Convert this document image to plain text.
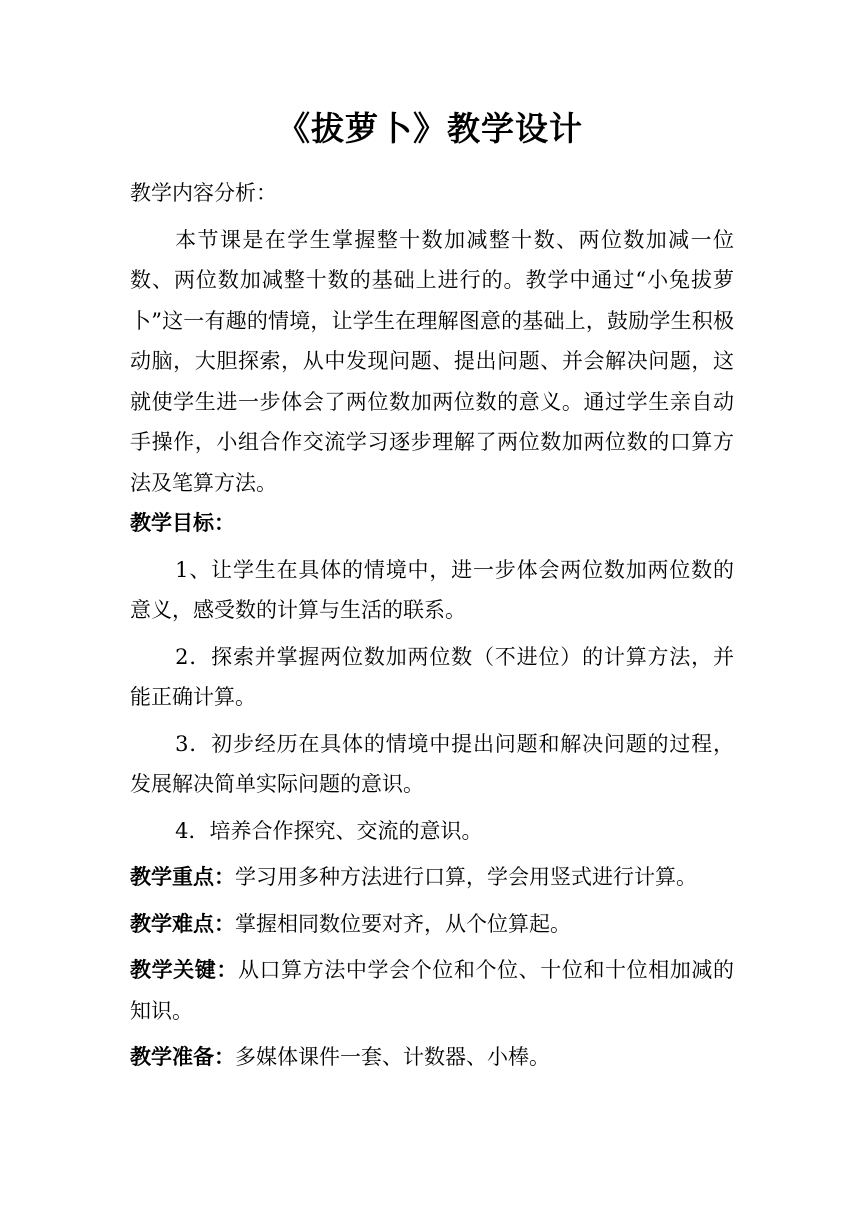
《拔萝卜》教学设计

教学内容分析：

本节课是在学生掌握整十数加减整十数、两位数加减一位数、两位数加减整十数的基础上进行的。教学中通过“小兔拔萝卜”这一有趣的情境，让学生在理解图意的基础上，鼓励学生积极动脑，大胆探索，从中发现问题、提出问题、并会解决问题，这就使学生进一步体会了两位数加两位数的意义。通过学生亲自动手操作，小组合作交流学习逐步理解了两位数加两位数的口算方法及笔算方法。

教学目标：

1、让学生在具体的情境中，进一步体会两位数加两位数的意义，感受数的计算与生活的联系。

2．探索并掌握两位数加两位数（不进位）的计算方法，并能正确计算。

3．初步经历在具体的情境中提出问题和解决问题的过程，发展解决简单实际问题的意识。

4．培养合作探究、交流的意识。

教学重点：学习用多种方法进行口算，学会用竖式进行计算。

教学难点：掌握相同数位要对齐，从个位算起。

教学关键：从口算方法中学会个位和个位、十位和十位相加减的知识。

教学准备：多媒体课件一套、计数器、小棒。
